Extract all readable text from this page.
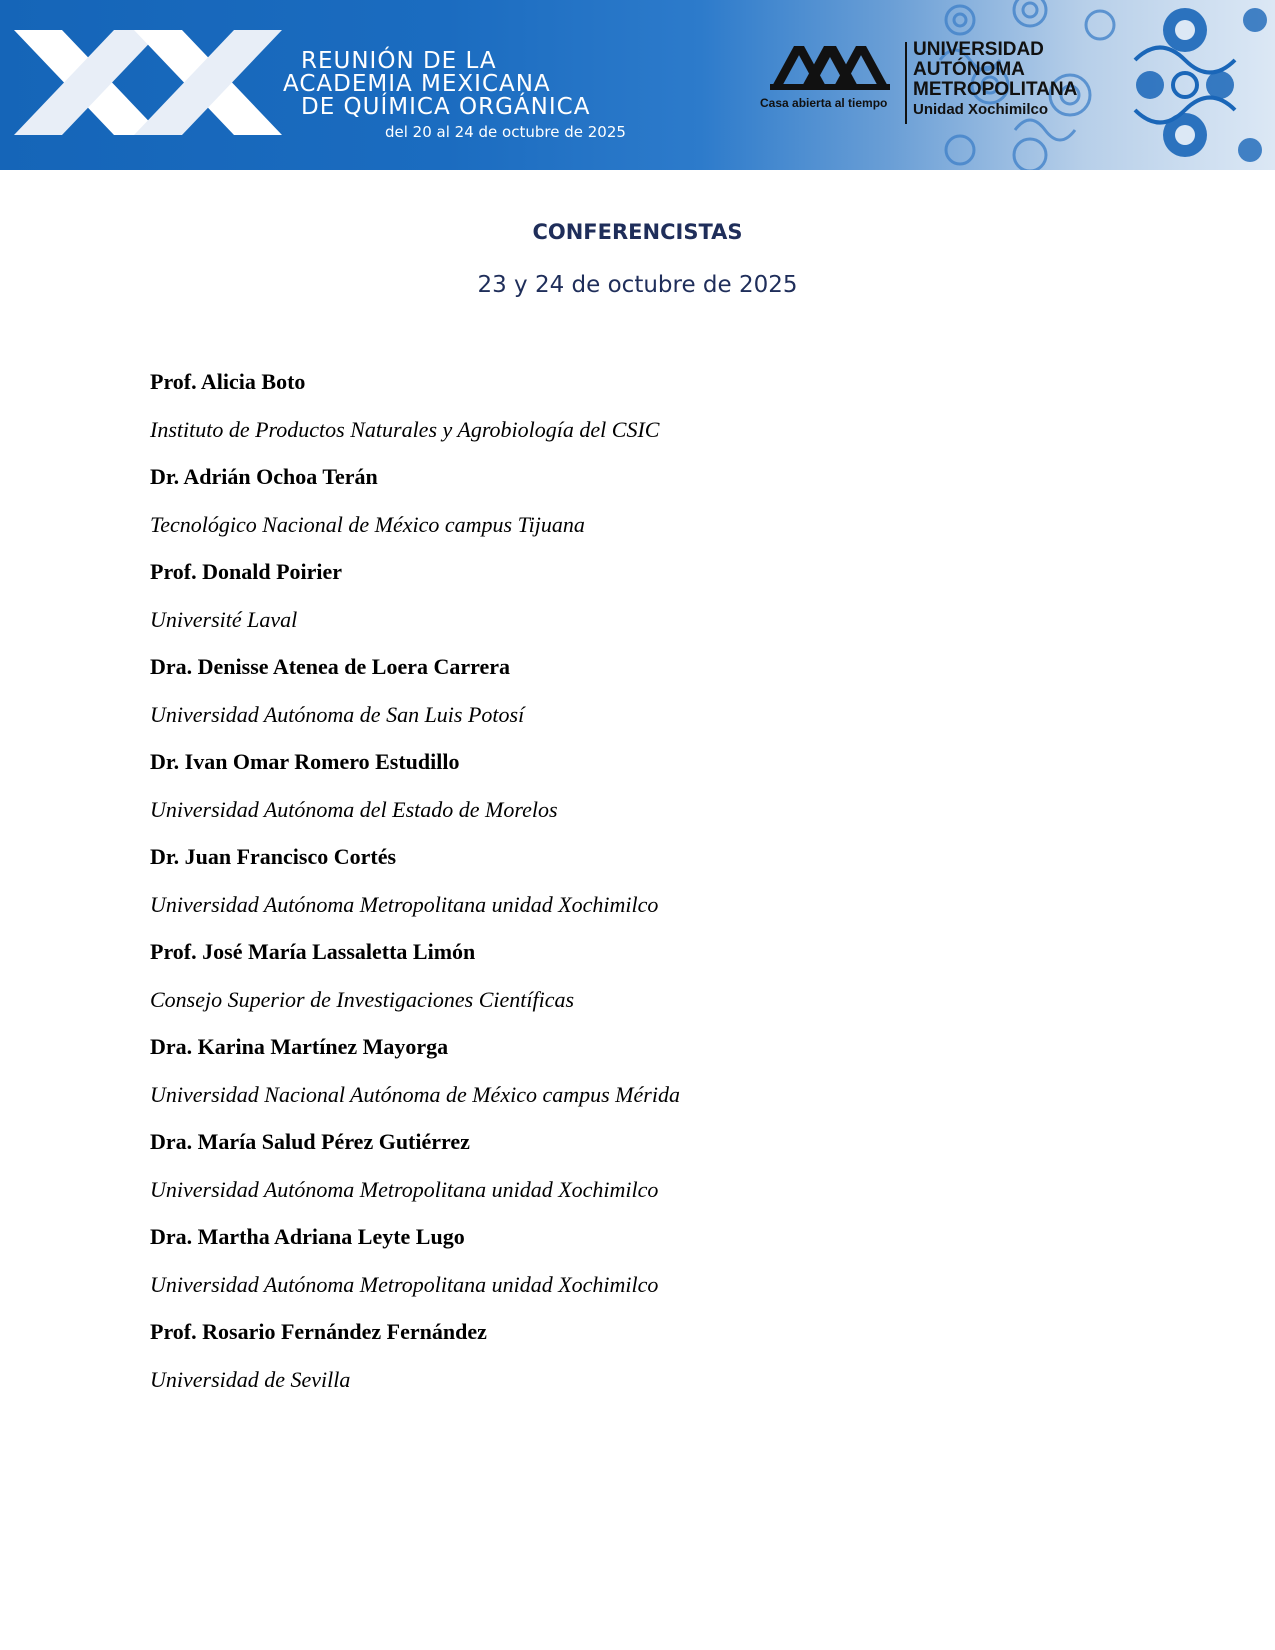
REUNIÓN DE LA
ACADEMIA MEXICANA
DE QUÍMICA ORGÁNICA
del 20 al 24 de octubre de 2025
Casa abierta al tiempo
UNIVERSIDAD
AUTÓNOMA
METROPOLITANA
Unidad Xochimilco
CONFERENCISTAS
23 y 24 de octubre de 2025
Prof. Alicia Boto
Instituto de Productos Naturales y Agrobiología del CSIC
Dr. Adrián Ochoa Terán
Tecnológico Nacional de México campus Tijuana
Prof. Donald Poirier
Université Laval
Dra. Denisse Atenea de Loera Carrera
Universidad Autónoma de San Luis Potosí
Dr. Ivan Omar Romero Estudillo
Universidad Autónoma del Estado de Morelos
Dr. Juan Francisco Cortés
Universidad Autónoma Metropolitana unidad Xochimilco
Prof. José María Lassaletta Limón
Consejo Superior de Investigaciones Científicas
Dra. Karina Martínez Mayorga
Universidad Nacional Autónoma de México campus Mérida
Dra. María Salud Pérez Gutiérrez
Universidad Autónoma Metropolitana unidad Xochimilco
Dra. Martha Adriana Leyte Lugo
Universidad Autónoma Metropolitana unidad Xochimilco
Prof. Rosario Fernández Fernández
Universidad de Sevilla
